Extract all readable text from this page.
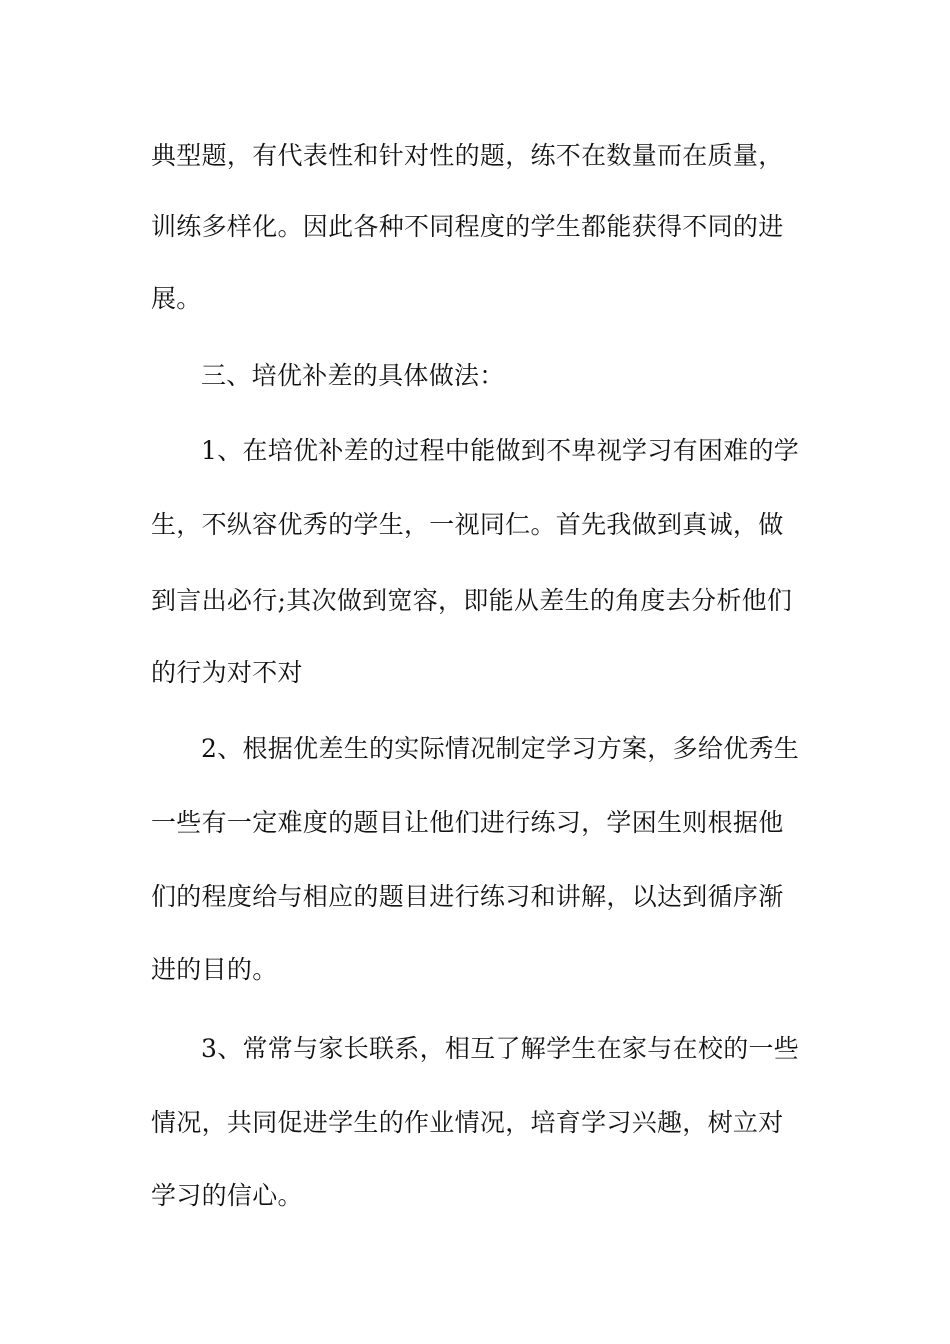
典型题，有代表性和针对性的题，练不在数量而在质量，
训练多样化。因此各种不同程度的学生都能获得不同的进
展。
三、培优补差的具体做法：
1、在培优补差的过程中能做到不卑视学习有困难的学
生，不纵容优秀的学生，一视同仁。首先我做到真诚，做
到言出必行;其次做到宽容，即能从差生的角度去分析他们
的行为对不对
2、根据优差生的实际情况制定学习方案，多给优秀生
一些有一定难度的题目让他们进行练习，学困生则根据他
们的程度给与相应的题目进行练习和讲解，以达到循序渐
进的目的。
3、常常与家长联系，相互了解学生在家与在校的一些
情况，共同促进学生的作业情况，培育学习兴趣，树立对
学习的信心。
